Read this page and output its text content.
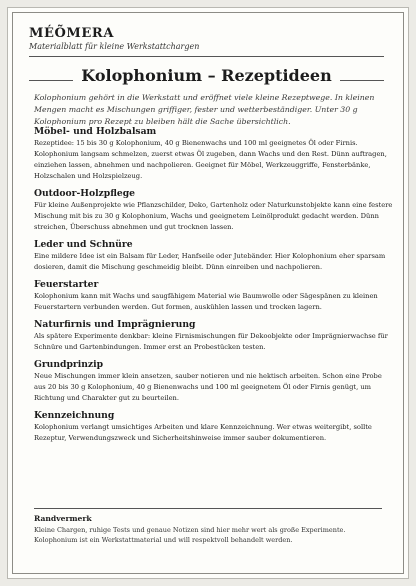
MÉÕMERA
Materialblatt für kleine Werkstattchargen
Kolophonium – Rezeptideen
Kolophonium gehört in die Werkstatt und eröffnet viele kleine Rezeptwege. In kleinen Mengen macht es Mischungen griffiger, fester und wetterbeständiger. Unter 30 g Kolophonium pro Rezept zu bleiben hält die Sache übersichtlich.
Möbel- und Holzbalsam
Rezeptidee: 15 bis 30 g Kolophonium, 40 g Bienenwachs und 100 ml geeignetes Öl oder Firnis. Kolophonium langsam schmelzen, zuerst etwas Öl zugeben, dann Wachs und den Rest. Dünn auftragen, einziehen lassen, abnehmen und nachpolieren. Geeignet für Möbel, Werkzeuggriffe, Fensterbänke, Holzschalen und Holzspielzeug.
Outdoor-Holzpflege
Für kleine Außenprojekte wie Pflanzschilder, Deko, Gartenholz oder Naturkunstobjekte kann eine festere Mischung mit bis zu 30 g Kolophonium, Wachs und geeignetem Leinölprodukt gedacht werden. Dünn streichen, Überschuss abnehmen und gut trocknen lassen.
Leder und Schnüre
Eine mildere Idee ist ein Balsam für Leder, Hanfseile oder Jutebänder. Hier Kolophonium eher sparsam dosieren, damit die Mischung geschmeidig bleibt. Dünn einreiben und nachpolieren.
Feuerstarter
Kolophonium kann mit Wachs und saugfähigem Material wie Baumwolle oder Sägespänen zu kleinen Feuerstartern verbunden werden. Gut formen, auskühlen lassen und trocken lagern.
Naturfirnis und Imprägnierung
Als spätere Experimente denkbar: kleine Firnismischungen für Dekoobjekte oder Imprägnierwachse für Schnüre und Gartenbindungen. Immer erst an Probestücken testen.
Grundprinzip
Neue Mischungen immer klein ansetzen, sauber notieren und nie hektisch arbeiten. Schon eine Probe aus 20 bis 30 g Kolophonium, 40 g Bienenwachs und 100 ml geeignetem Öl oder Firnis genügt, um Richtung und Charakter gut zu beurteilen.
Kennzeichnung
Kolophonium verlangt umsichtiges Arbeiten und klare Kennzeichnung. Wer etwas weitergibt, sollte Rezeptur, Verwendungszweck und Sicherheitshinweise immer sauber dokumentieren.
Randvermerk
Kleine Chargen, ruhige Tests und genaue Notizen sind hier mehr wert als große Experimente. Kolophonium ist ein Werkstattmaterial und will respektvoll behandelt werden.
